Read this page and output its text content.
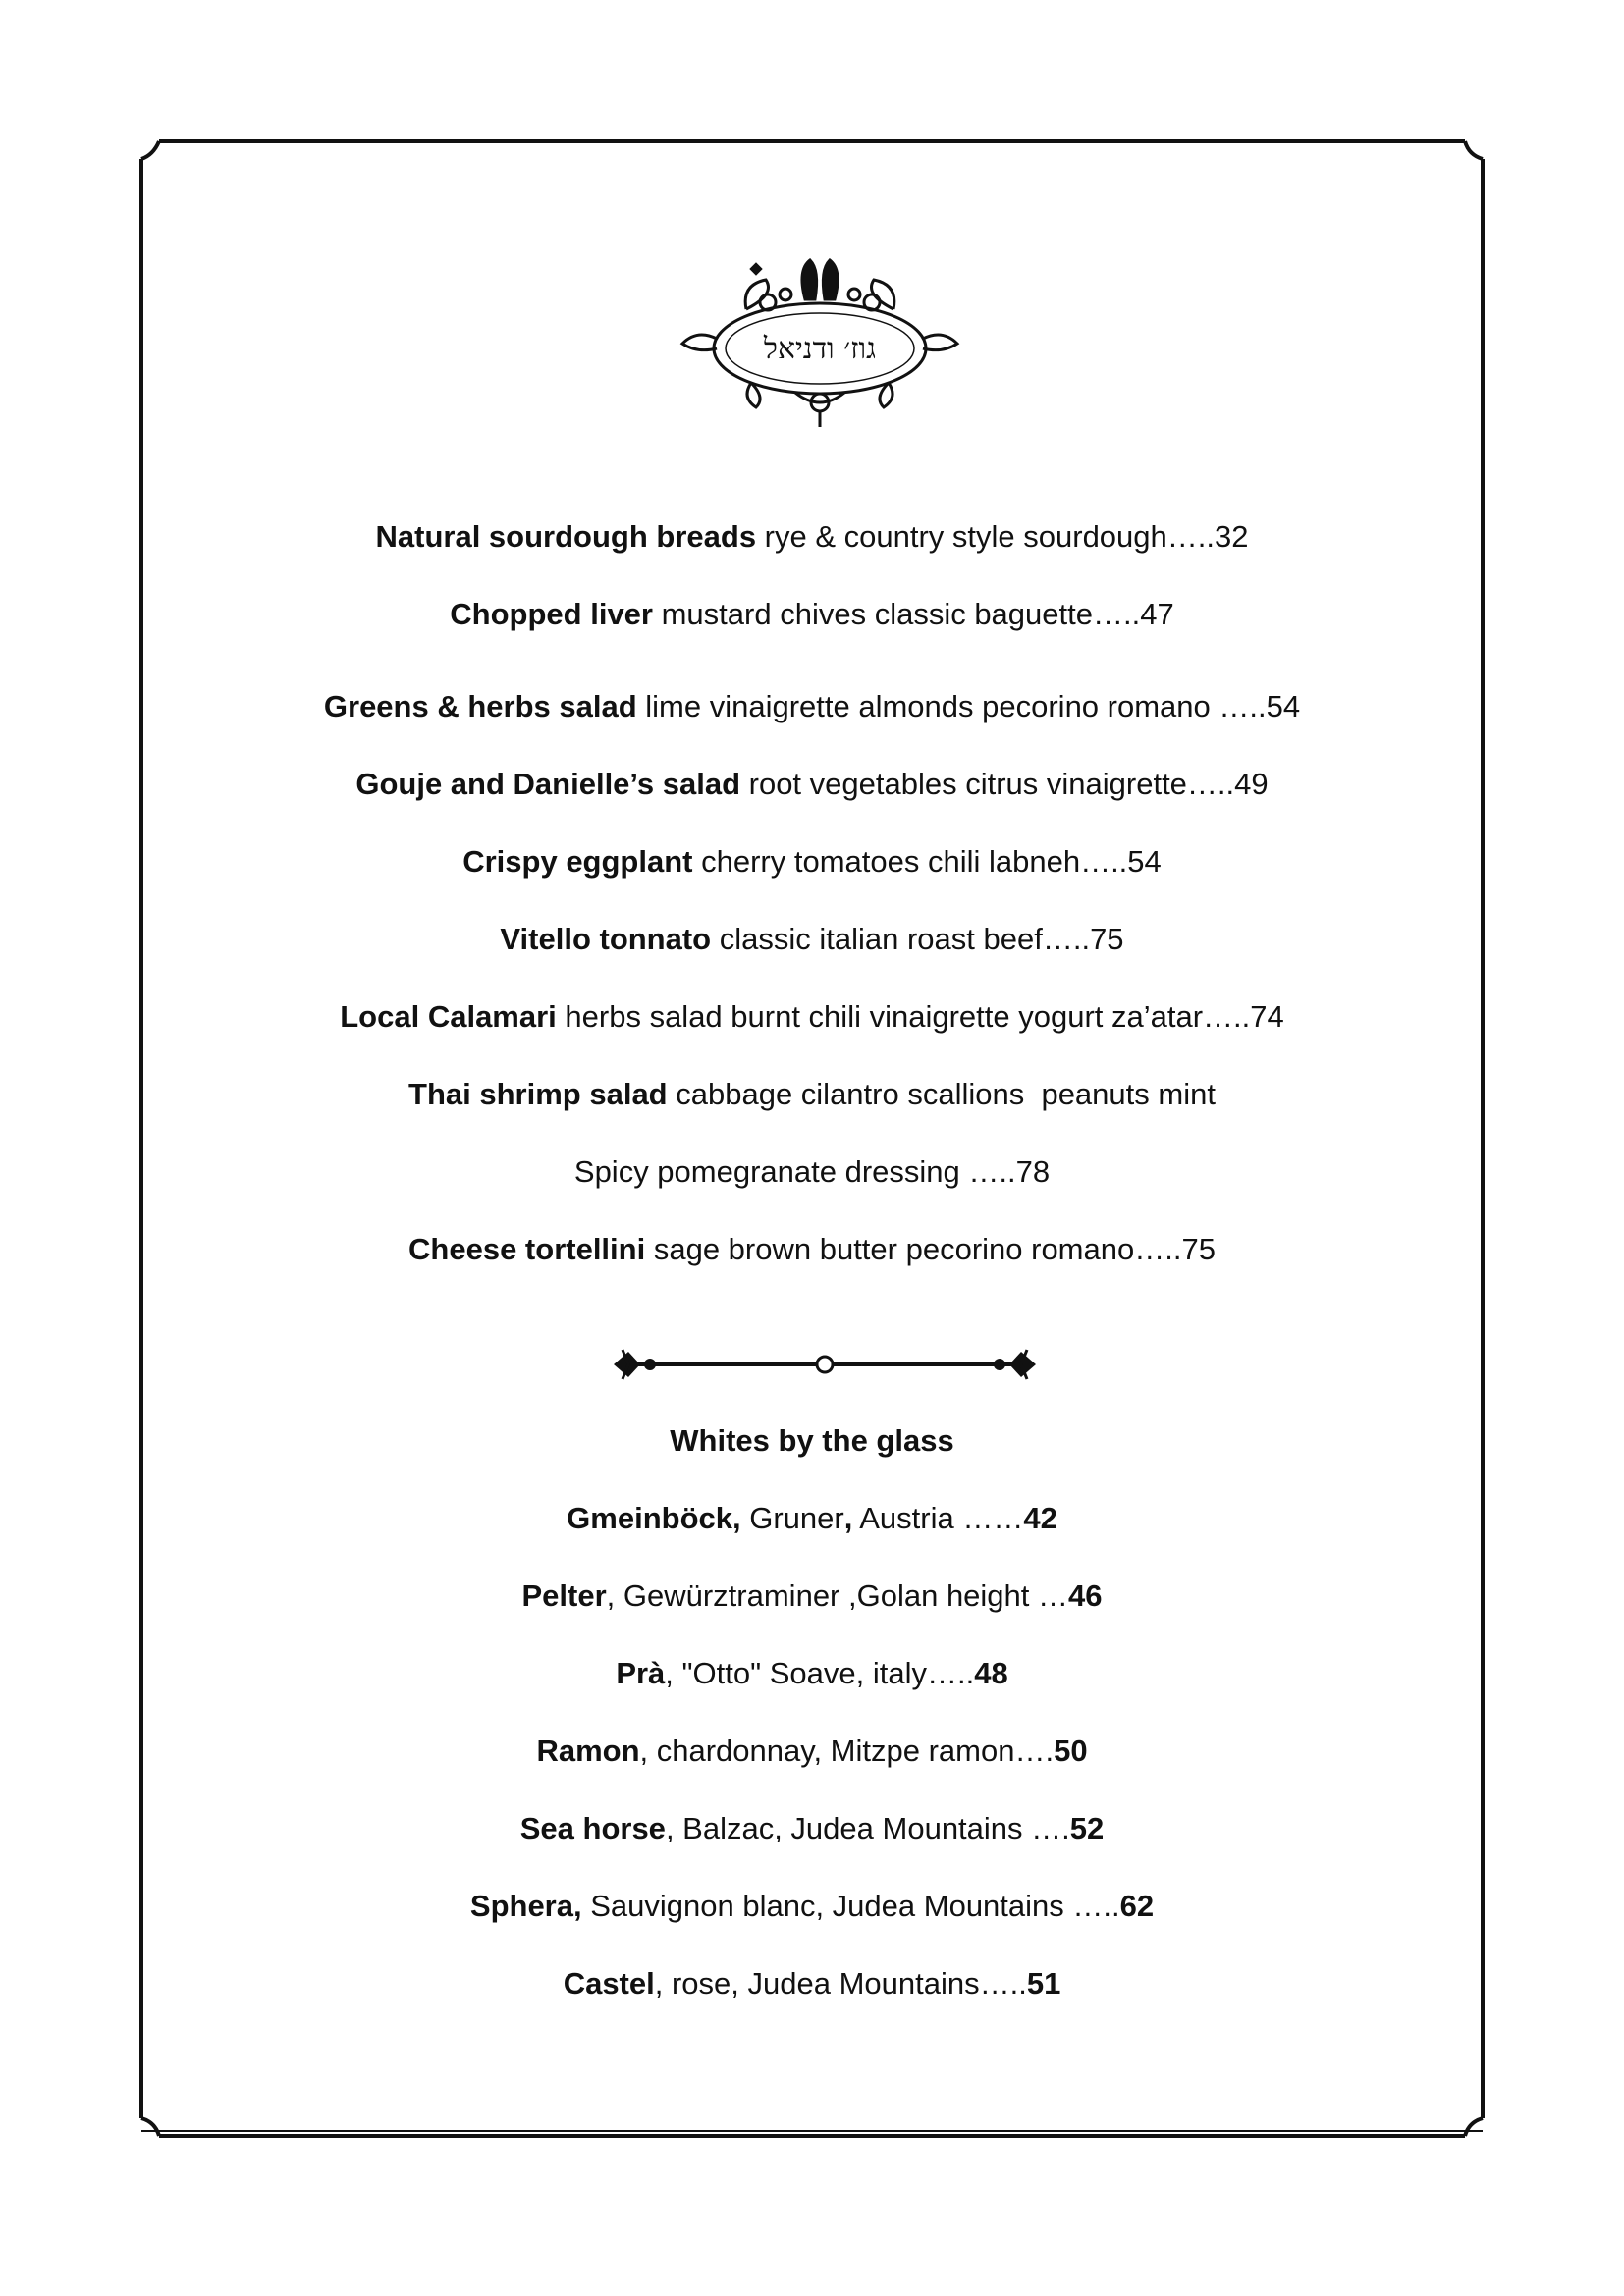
גוז׳ ודניאל
Natural sourdough breads rye & country style sourdough…..32
Chopped liver mustard chives classic baguette…..47
Greens & herbs salad lime vinaigrette almonds pecorino romano …..54
Gouje and Danielle’s salad root vegetables citrus vinaigrette…..49
Crispy eggplant cherry tomatoes chili labneh…..54
Vitello tonnato classic italian roast beef…..75
Local Calamari herbs salad burnt chili vinaigrette yogurt za’atar…..74
Thai shrimp salad cabbage cilantro scallions  peanuts mint
Spicy pomegranate dressing …..78
Cheese tortellini sage brown butter pecorino romano…..75
Whites by the glass
Gmeinböck, Gruner, Austria ……42
Pelter, Gewürztraminer ,Golan height …46
Prà, "Otto" Soave, italy…..48
Ramon, chardonnay, Mitzpe ramon….50
Sea horse, Balzac, Judea Mountains ….52
Sphera, Sauvignon blanc, Judea Mountains …..62
Castel, rose, Judea Mountains…..51
